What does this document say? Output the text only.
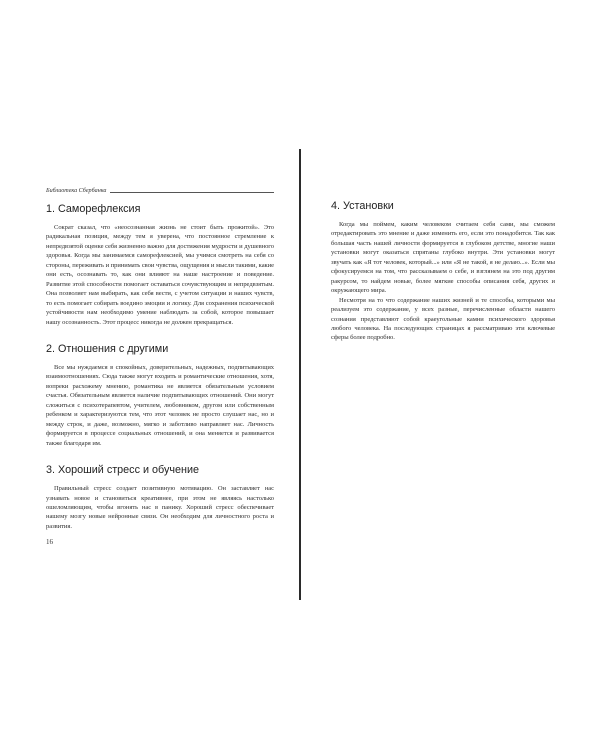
Библиотека Сбербанка
1. Саморефлексия

Сократ сказал, что «неосознанная жизнь не стоит быть прожитой». Это радикальная позиция, между тем я уверена, что постоянное стремление к непредвзятой оценке себя жизненно важно для достижения мудрости и душевного здоровья. Когда мы занимаемся саморефлексией, мы учимся смотреть на себя со стороны, переживать и принимать свои чувства, ощущения и мысли такими, какие они есть, осознавать то, как они влияют на наше настроение и поведение. Развитие этой способности помогает оставаться сочувствующим и непредвзятым. Она позволяет нам выбирать, как себя вести, с учетом ситуации и наших чувств, то есть помогает собирать воедино эмоции и логику. Для сохранения психической устойчивости нам необходимо умение наблюдать за собой, которое повышает нашу осознанность. Этот процесс никогда не должен прекращаться.

2. Отношения с другими

Все мы нуждаемся в спокойных, доверительных, надежных, подпитывающих взаимоотношениях. Сюда также могут входить и романтические отношения, хотя, вопреки расхожему мнению, романтика не является обязательным условием счастья. Обязательным является наличие подпитывающих отношений. Они могут сложиться с психотерапевтом, учителем, любовником, другом или собственным ребенком и характеризуются тем, что этот человек не просто слушает нас, но и между строк, и даже, возможно, мягко и заботливо направляет нас. Личность формируется в процессе социальных отношений, и она меняется и развивается также благодаря им.

3. Хороший стресс и обучение

Правильный стресс создает позитивную мотивацию. Он заставляет нас узнавать новое и становиться креативнее, при этом не являясь настолько ошеломляющим, чтобы вгонять нас в панику. Хороший стресс обеспечивает нашему мозгу новые нейронные связи. Он необходим для личностного роста и развития.

16
4. Установки

Когда мы поймем, каким человеком считаем себя сами, мы сможем отредактировать это мнение и даже изменить его, если это понадобится. Так как большая часть нашей личности формируется в глубоком детстве, многие наши установки могут оказаться спрятаны глубоко внутри. Эти установки могут звучать как «Я тот человек, который...» или «Я не такой, я не делаю...». Если мы сфокусируемся на том, что рассказываем о себе, и взглянем на это под другим ракурсом, то найдем новые, более мягкие способы описания себя, других и окружающего мира.

Несмотря на то что содержание наших жизней и те способы, которыми мы реализуем это содержание, у всех разные, перечисленные области нашего сознания представляют собой краеугольные камни психического здоровья любого человека. На последующих страницах я рассматриваю эти ключевые сферы более подробно.
